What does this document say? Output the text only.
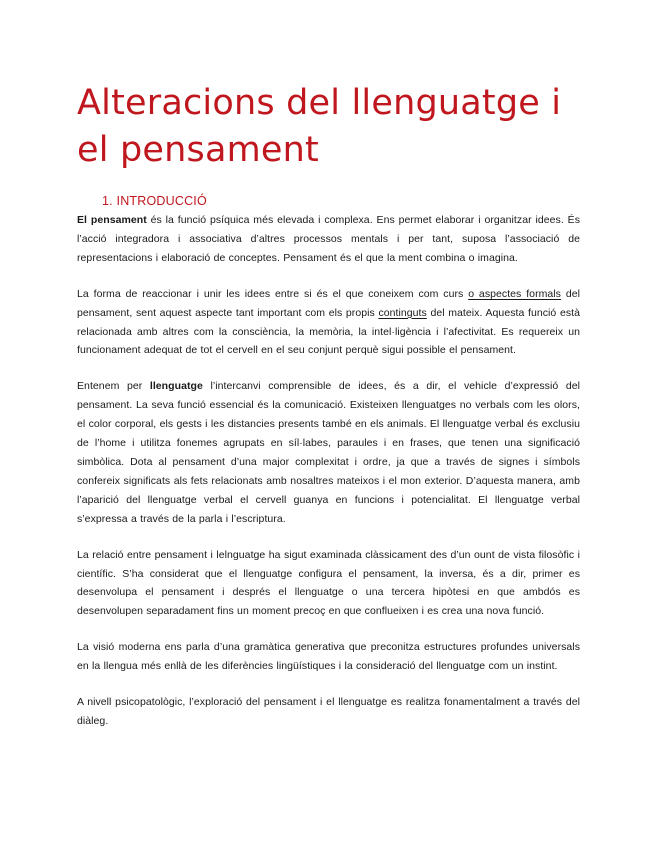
Alteracions del llenguatge i el pensament
1. INTRODUCCIÓ

El pensament és la funció psíquica més elevada i complexa. Ens permet elaborar i organitzar idees. És l’acció integradora i associativa d’altres processos mentals i per tant, suposa l’associació de representacions i elaboració de conceptes. Pensament és el que la ment combina o imagina.

La forma de reaccionar i unir les idees entre si és el que coneixem com curs o aspectes formals del pensament, sent aquest aspecte tant important com els propis continguts del mateix. Aquesta funció està relacionada amb altres com la consciència, la memòria, la intel·ligència i l’afectivitat. Es requereix un funcionament adequat de tot el cervell en el seu conjunt perquè sigui possible el pensament.

Entenem per llenguatge l’intercanvi comprensible de idees, és a dir, el vehicle d’expressió del pensament. La seva funció essencial és la comunicació. Existeixen llenguatges no verbals com les olors, el color corporal, els gests i les distancies presents també en els animals. El llenguatge verbal és exclusiu de l’home i utilitza fonemes agrupats en síl·labes, paraules i en frases, que tenen una significació simbòlica. Dota al pensament d’una major complexitat i ordre, ja que a través de signes i símbols confereix significats als fets relacionats amb nosaltres mateixos i el mon exterior. D’aquesta manera, amb l’aparició del llenguatge verbal el cervell guanya en funcions i potencialitat. El llenguatge verbal s’expressa a través de la parla i l’escriptura.

La relació entre pensament i lelnguatge ha sigut examinada clàssicament des d’un ount de vista filosòfic i científic. S’ha considerat que el llenguatge configura el pensament, la inversa, és a dir, primer es desenvolupa el pensament i després el llenguatge o una tercera hipòtesi en que ambdós es desenvolupen separadament fins un moment precoç en que conflueixen i es crea una nova funció.

La visió moderna ens parla d’una gramàtica generativa que preconitza estructures profundes universals en la llengua més enllà de les diferències lingüístiques i la consideració del llenguatge com un instint.

A nivell psicopatològic, l’exploració del pensament i el llenguatge es realitza fonamentalment a través del diàleg.
